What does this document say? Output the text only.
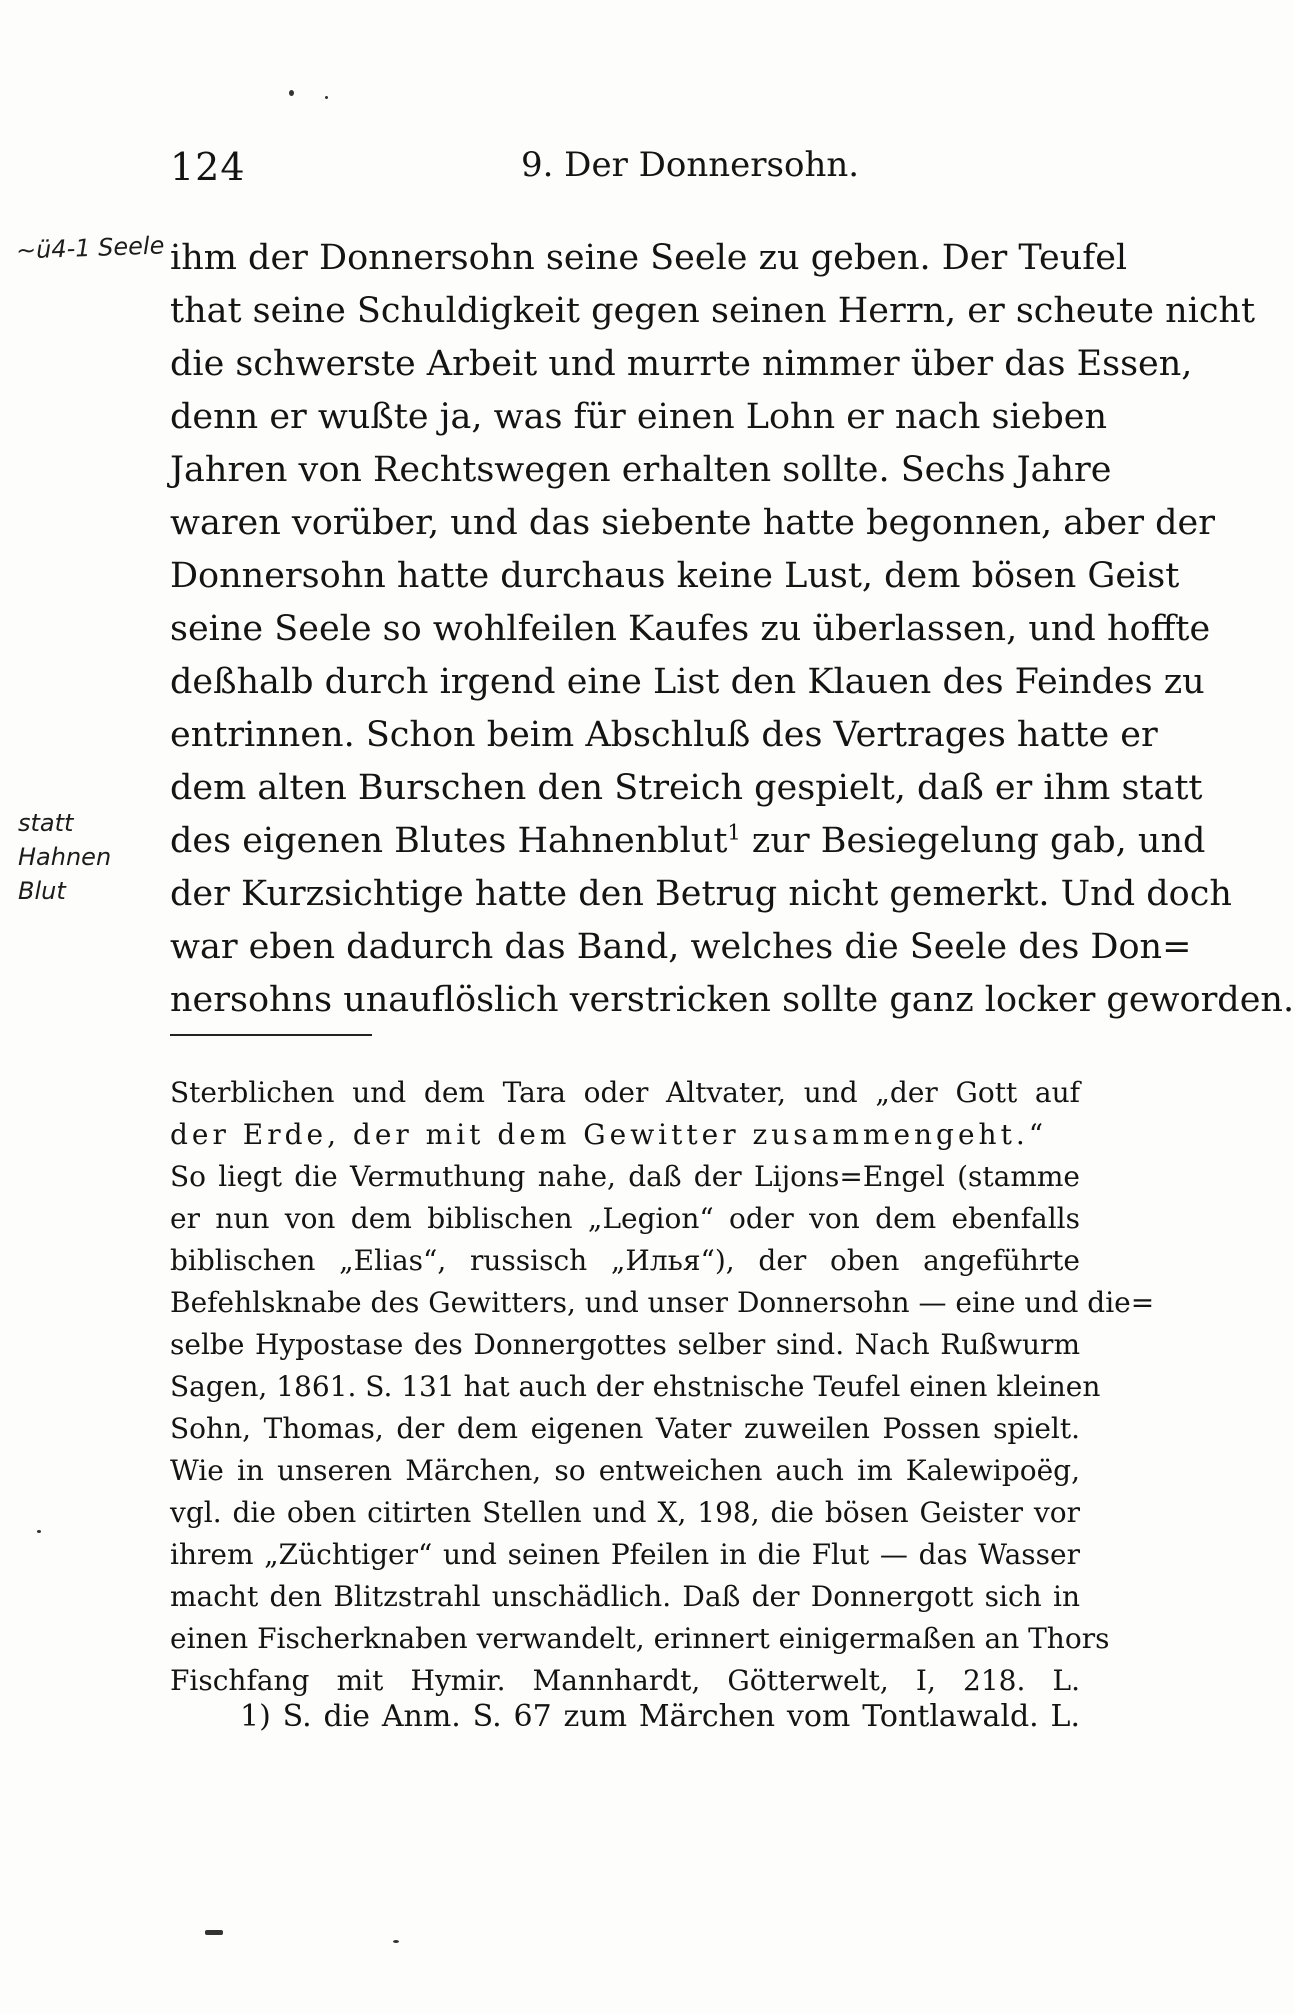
124	9. Der Donnersohn.
~ü4-1 Seele
statt
Hahnen
Blut
ihm der Donnersohn seine Seele zu geben. Der Teufel
that seine Schuldigkeit gegen seinen Herrn, er scheute nicht
die schwerste Arbeit und murrte nimmer über das Essen,
denn er wußte ja, was für einen Lohn er nach sieben
Jahren von Rechtswegen erhalten sollte. Sechs Jahre
waren vorüber, und das siebente hatte begonnen, aber der
Donnersohn hatte durchaus keine Lust, dem bösen Geist
seine Seele so wohlfeilen Kaufes zu überlassen, und hoffte
deßhalb durch irgend eine List den Klauen des Feindes zu
entrinnen. Schon beim Abschluß des Vertrages hatte er
dem alten Burschen den Streich gespielt, daß er ihm statt
des eigenen Blutes Hahnenblut$^1$ zur Besiegelung gab, und
der Kurzsichtige hatte den Betrug nicht gemerkt. Und doch
war eben dadurch das Band, welches die Seele des Don=
nersohns unauflöslich verstricken sollte ganz locker geworden.
Sterblichen und dem Tara oder Altvater, und „der Gott auf
der Erde, der mit dem Gewitter zusammengeht.“
So liegt die Vermuthung nahe, daß der Lijons=Engel (stamme
er nun von dem biblischen „Legion“ oder von dem ebenfalls
biblischen „Elias“, russisch „Илья“), der oben angeführte
Befehlsknabe des Gewitters, und unser Donnersohn — eine und die=
selbe Hypostase des Donnergottes selber sind. Nach Rußwurm
Sagen, 1861. S. 131 hat auch der ehstnische Teufel einen kleinen
Sohn, Thomas, der dem eigenen Vater zuweilen Possen spielt.
Wie in unseren Märchen, so entweichen auch im Kalewipoëg,
vgl. die oben citirten Stellen und X, 198, die bösen Geister vor
ihrem „Züchtiger“ und seinen Pfeilen in die Flut — das Wasser
macht den Blitzstrahl unschädlich. Daß der Donnergott sich in
einen Fischerknaben verwandelt, erinnert einigermaßen an Thors
Fischfang mit Hymir. Mannhardt, Götterwelt, I, 218. L.
1) S. die Anm. S. 67 zum Märchen vom Tontlawald. L.
